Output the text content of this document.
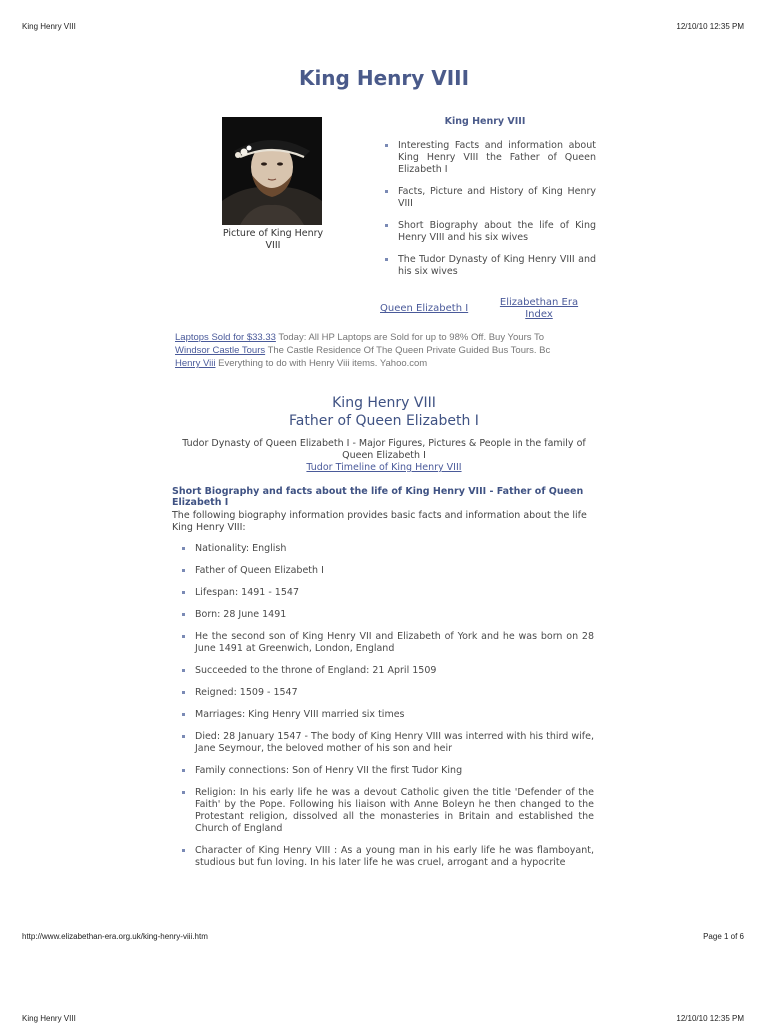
King Henry VIII	12/10/10 12:35 PM
King Henry VIII
Picture of King Henry VIII
King Henry VIII
Interesting Facts and information about King Henry VIII the Father of Queen Elizabeth I
Facts, Picture and History of King Henry VIII
Short Biography about the life of King Henry VIII and his six wives
The Tudor Dynasty of King Henry VIII and his six wives
Queen Elizabeth I
Elizabethan Era Index
Laptops Sold for $33.33 Today: All HP Laptops are Sold for up to 98% Off. Buy Yours To
Windsor Castle Tours The Castle Residence Of The Queen Private Guided Bus Tours. Bc
Henry Viii Everything to do with Henry Viii items. Yahoo.com
King Henry VIII
Father of Queen Elizabeth I
Tudor Dynasty of Queen Elizabeth I - Major Figures, Pictures & People in the family of Queen Elizabeth I
Tudor Timeline of King Henry VIII
Short Biography and facts about the life of King Henry VIII - Father of Queen Elizabeth I
The following biography information provides basic facts and information about the life King Henry VIII:
Nationality: English
Father of Queen Elizabeth I
Lifespan: 1491 - 1547
Born: 28 June 1491
He the second son of King Henry VII and Elizabeth of York and he was born on 28 June 1491 at Greenwich, London, England
Succeeded to the throne of England: 21 April 1509
Reigned: 1509 - 1547
Marriages: King Henry VIII married six times
Died: 28 January 1547 - The body of King Henry VIII was interred with his third wife, Jane Seymour, the beloved mother of his son and heir
Family connections: Son of Henry VII the first Tudor King
Religion: In his early life he was a devout Catholic given the title 'Defender of the Faith' by the Pope. Following his liaison with Anne Boleyn he then changed to the Protestant religion, dissolved all the monasteries in Britain and established the Church of England
Character of King Henry VIII : As a young man in his early life he was flamboyant, studious but fun loving. In his later life he was cruel, arrogant and a hypocrite
http://www.elizabethan-era.org.uk/king-henry-viii.htm	Page 1 of 6
King Henry VIII	12/10/10 12:35 PM
